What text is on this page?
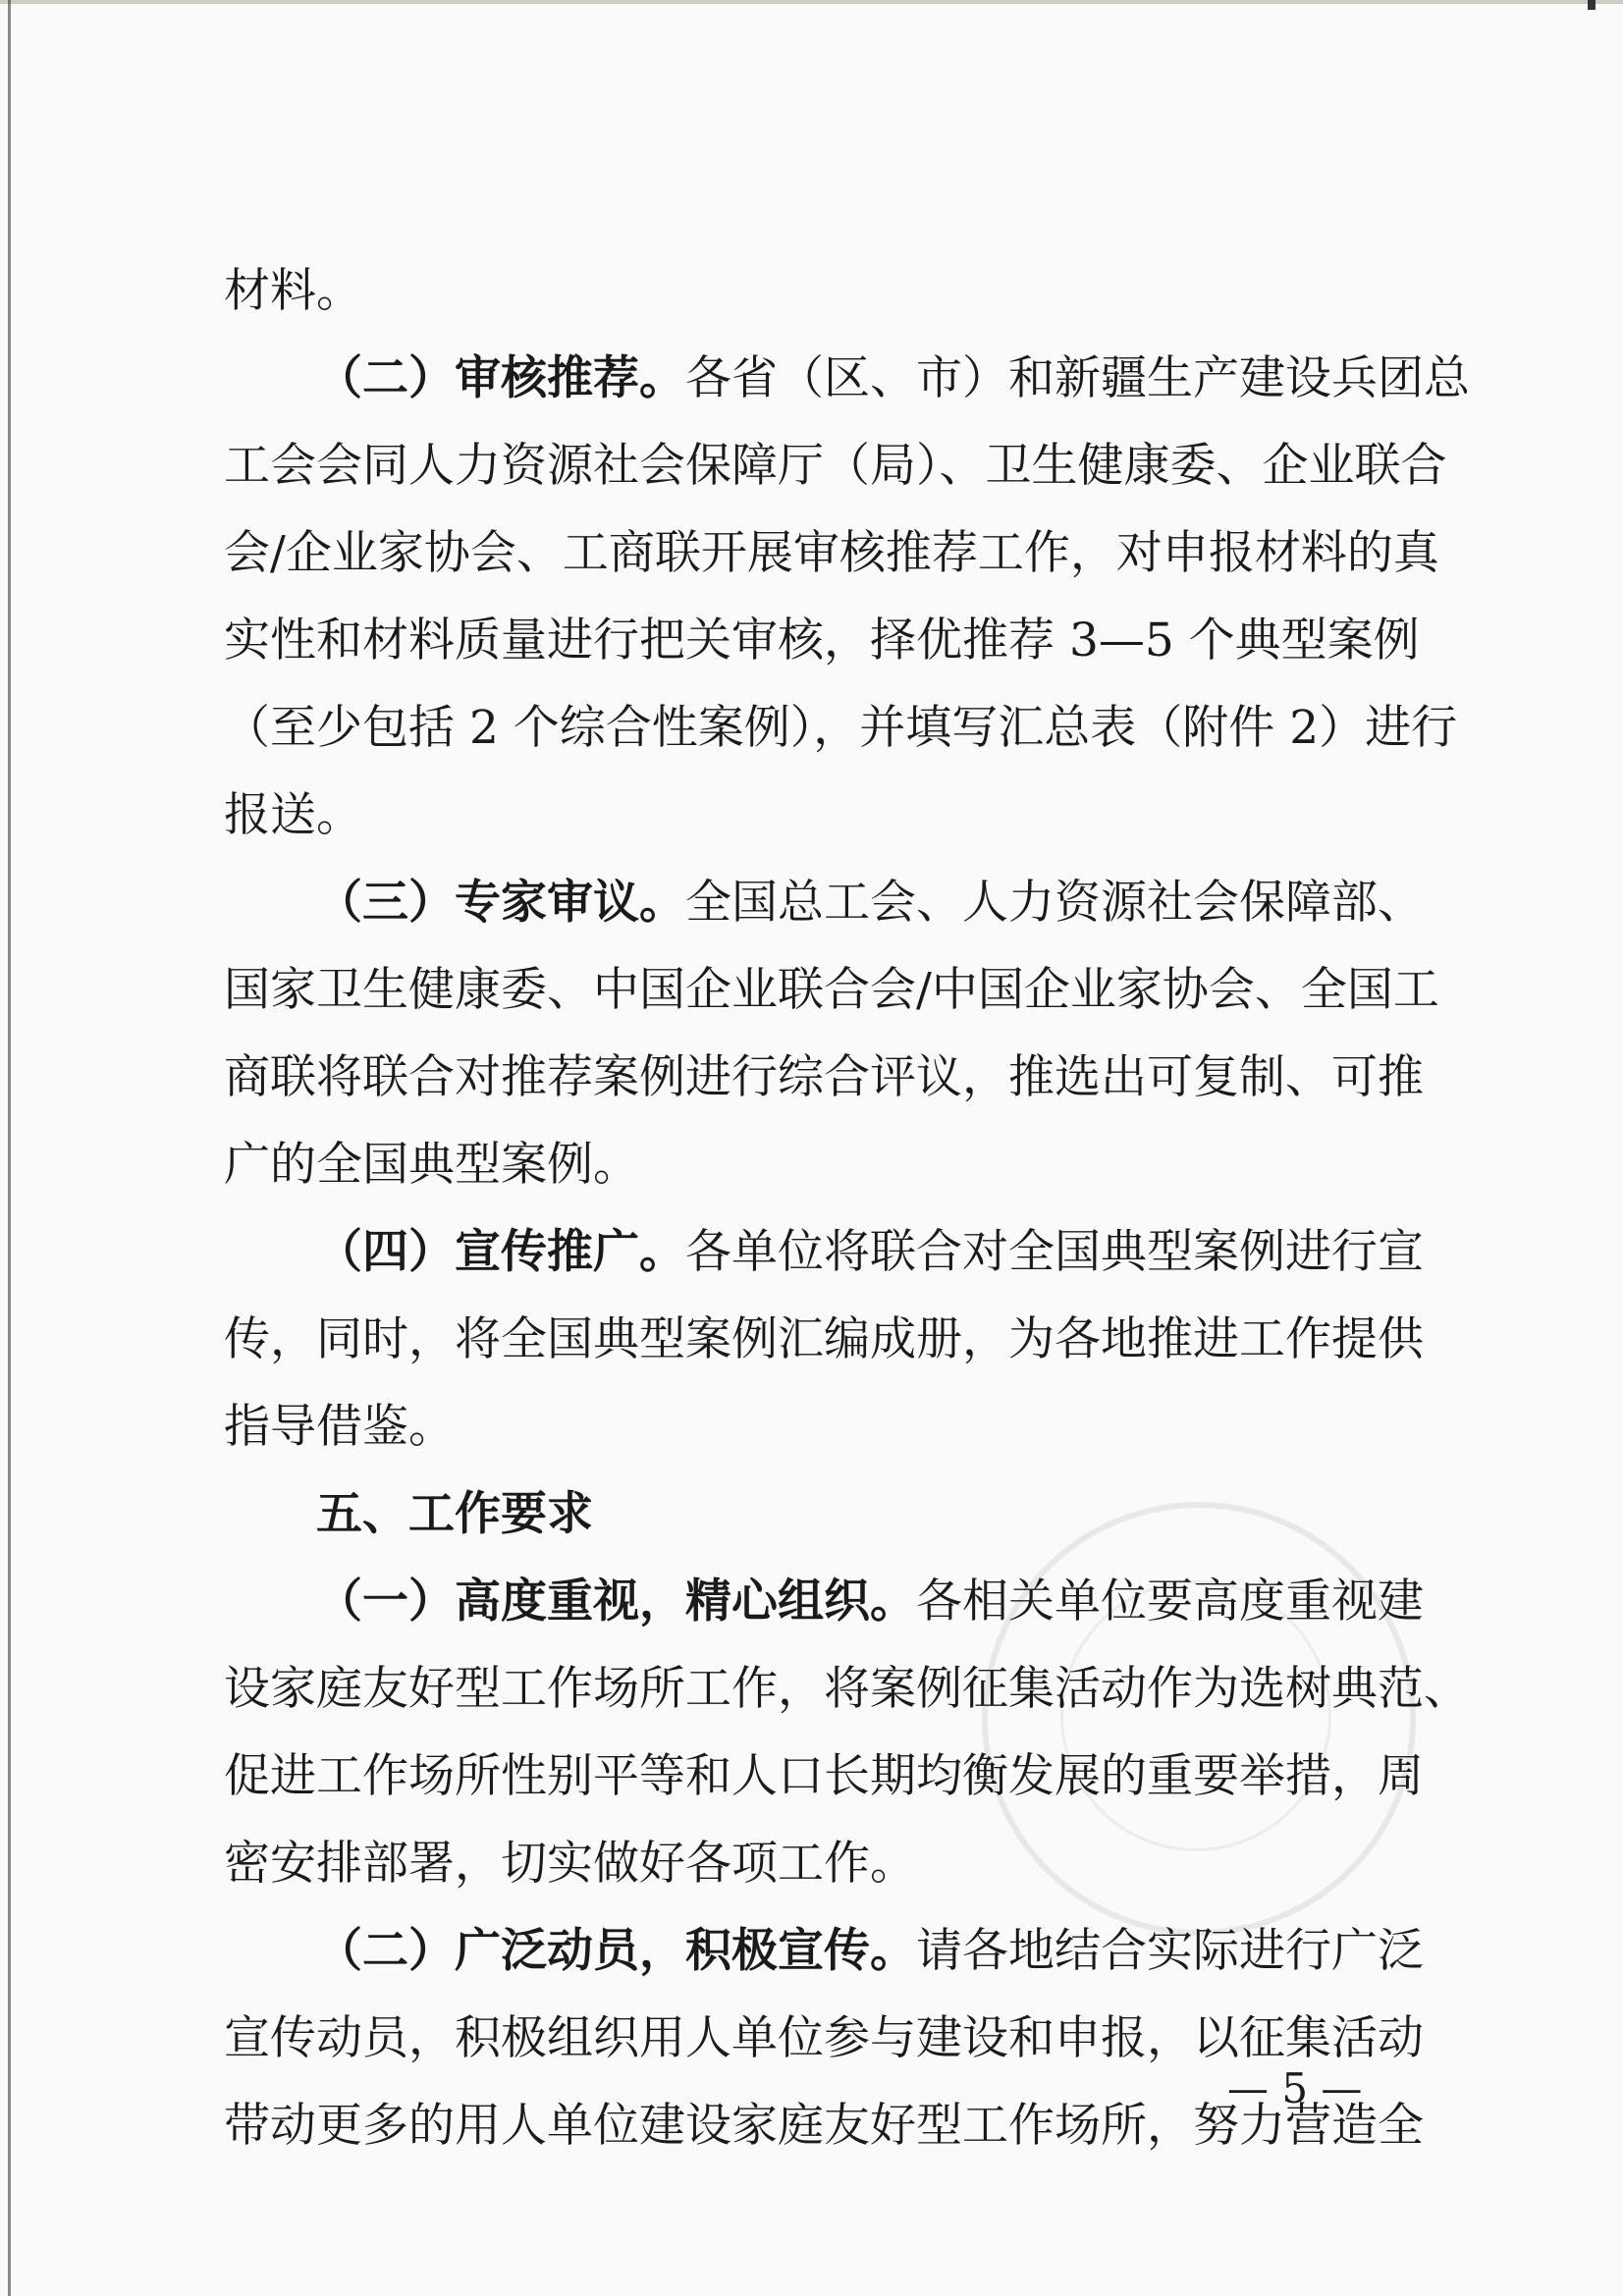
材料。
（二）审核推荐。各省（区、市）和新疆生产建设兵团总
工会会同人力资源社会保障厅（局）、卫生健康委、企业联合
会/企业家协会、工商联开展审核推荐工作，对申报材料的真
实性和材料质量进行把关审核，择优推荐 3—5 个典型案例
（至少包括 2 个综合性案例），并填写汇总表（附件 2）进行
报送。
（三）专家审议。全国总工会、人力资源社会保障部、
国家卫生健康委、中国企业联合会/中国企业家协会、全国工
商联将联合对推荐案例进行综合评议，推选出可复制、可推
广的全国典型案例。
（四）宣传推广。各单位将联合对全国典型案例进行宣
传，同时，将全国典型案例汇编成册，为各地推进工作提供
指导借鉴。
五、工作要求
（一）高度重视，精心组织。各相关单位要高度重视建
设家庭友好型工作场所工作，将案例征集活动作为选树典范、
促进工作场所性别平等和人口长期均衡发展的重要举措，周
密安排部署，切实做好各项工作。
（二）广泛动员，积极宣传。请各地结合实际进行广泛
宣传动员，积极组织用人单位参与建设和申报，以征集活动
带动更多的用人单位建设家庭友好型工作场所，努力营造全
— 5 —
